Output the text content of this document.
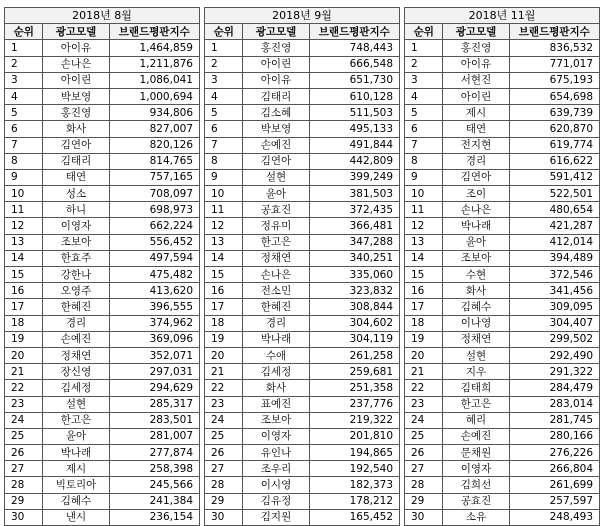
2018년 8월		
순위	광고모델	브랜드평판지수
1	아이유	1,464,859
2	손나은	1,211,876
3	아이린	1,086,041
4	박보영	1,000,694
5	홍진영	934,806
6	화사	827,007
7	김연아	820,126
8	김태리	814,765
9	태연	757,165
10	성소	708,097
11	하니	698,973
12	이영자	662,224
13	조보아	556,452
14	한효주	497,594
15	강한나	475,482
16	오영주	413,620
17	한혜진	396,555
18	경리	374,962
19	손예진	369,096
20	정채연	352,071
21	장신영	297,031
22	김세정	294,629
23	설현	285,317
24	한고은	283,501
25	윤아	281,007
26	박나래	277,874
27	제시	258,398
28	빅토리아	245,566
29	김혜수	241,384
30	낸시	236,154
2018년 9월		
순위	광고모델	브랜드평판지수
1	홍진영	748,443
2	아이린	666,548
3	아이유	651,730
4	김태리	610,128
5	김소혜	511,503
6	박보영	495,133
7	손예진	491,844
8	김연아	442,809
9	설현	399,249
10	윤아	381,503
11	공효진	372,435
12	정유미	366,481
13	한고은	347,288
14	정채연	340,251
15	손나은	335,060
16	전소민	323,832
17	한혜진	308,844
18	경리	304,602
19	박나래	304,119
20	수애	261,258
21	김세정	259,681
22	화사	251,358
23	표예진	237,776
24	조보아	219,322
25	이영자	201,810
26	유인나	194,865
27	조우리	192,540
28	이시영	182,373
29	김유정	178,212
30	김지원	165,452
2018년 11월		
순위	광고모델	브랜드평판지수
1	홍진영	836,532
2	아이유	771,017
3	서현진	675,193
4	아이린	654,698
5	제시	639,739
6	태연	620,870
7	전지현	619,774
8	경리	616,622
9	김연아	591,412
10	조이	522,501
11	손나은	480,654
12	박나래	421,287
13	윤아	412,014
14	조보아	394,489
15	수현	372,546
16	화사	341,456
17	김혜수	309,095
18	이나영	304,407
19	정채연	299,502
20	설현	292,490
21	지우	291,322
22	김태희	284,479
23	한고은	283,014
24	혜리	281,745
25	손예진	280,166
26	문채원	276,226
27	이영자	266,804
28	김희선	261,699
29	공효진	257,597
30	소유	248,493
